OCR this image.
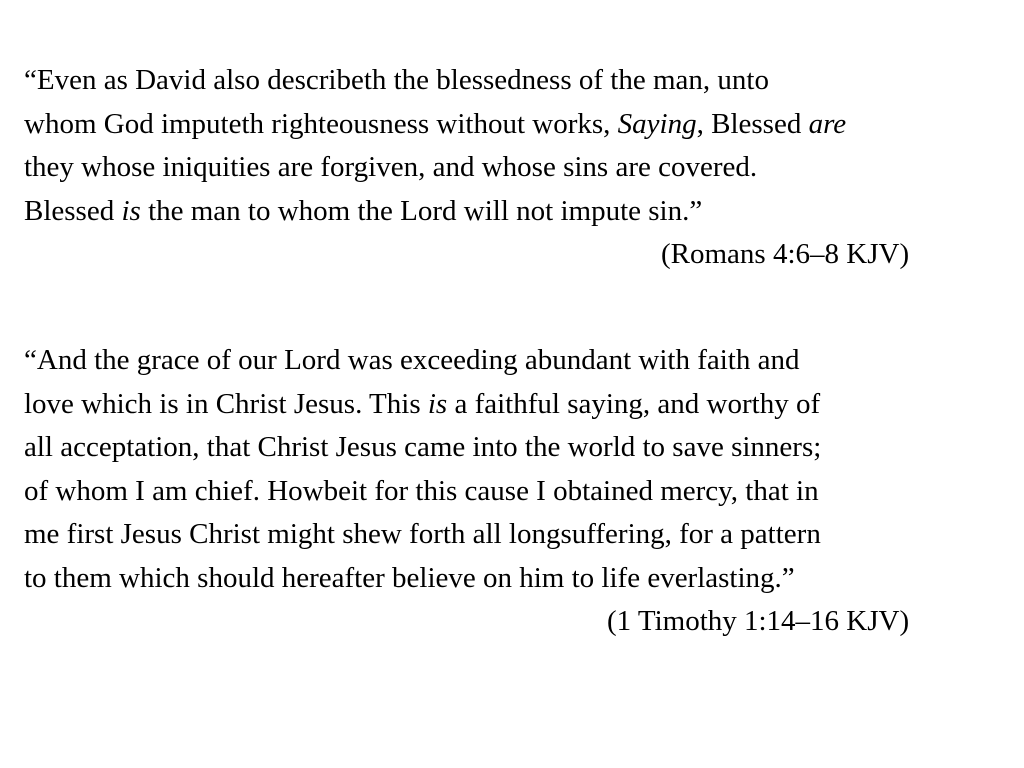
“Even as David also describeth the blessedness of the man, unto
whom God imputeth righteousness without works, Saying, Blessed are
they whose iniquities are forgiven, and whose sins are covered.
Blessed is the man to whom the Lord will not impute sin.”
(Romans 4:6–8 KJV)
“And the grace of our Lord was exceeding abundant with faith and
love which is in Christ Jesus. This is a faithful saying, and worthy of
all acceptation, that Christ Jesus came into the world to save sinners;
of whom I am chief. Howbeit for this cause I obtained mercy, that in
me first Jesus Christ might shew forth all longsuffering, for a pattern
to them which should hereafter believe on him to life everlasting.”
(1 Timothy 1:14–16 KJV)
